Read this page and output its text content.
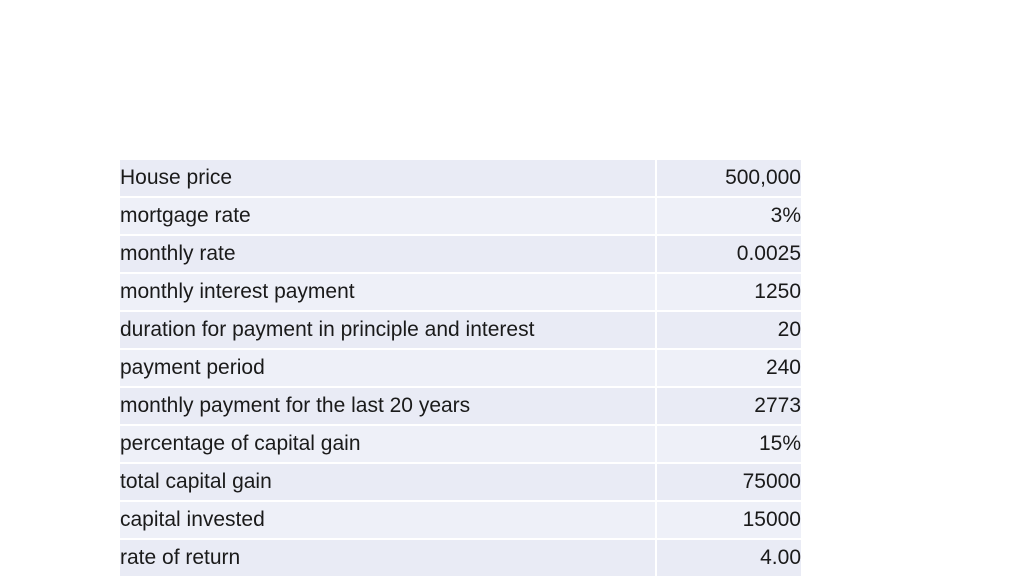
House price	500,000
mortgage rate	3%
monthly rate	0.0025
monthly interest payment	1250
duration for payment in principle and interest	20
payment period	240
monthly payment for the last 20 years	2773
percentage of capital gain	15%
total capital gain	75000
capital invested	15000
rate of return	4.00
